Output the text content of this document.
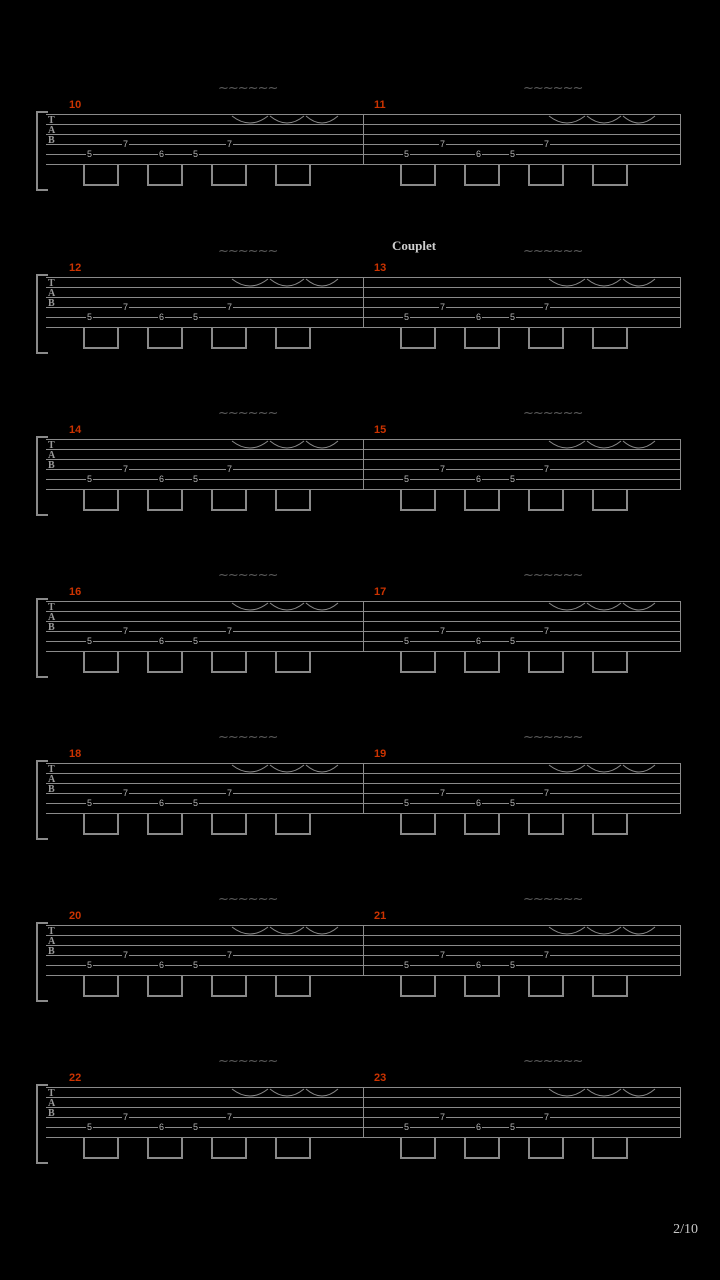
~~~~~~	~~~~~~
10	11
T
A
B
5
7
6	5
7
5
7
6	5
7
~~~~~~	~~~~~~
Couplet
12	13
T
A
B
5
7
6	5
7
5
7
6	5
7
~~~~~~	~~~~~~
14	15
T
A
B
5
7
6	5
7
5
7
6	5
7
~~~~~~	~~~~~~
16	17
T
A
B
5
7
6	5
7
5
7
6	5
7
~~~~~~	~~~~~~
18	19
T
A
B
5
7
6	5
7
5
7
6	5
7
~~~~~~	~~~~~~
20	21
T
A
B
5
7
6	5
7
5
7
6	5
7
~~~~~~	~~~~~~
22	23
T
A
B
5
7
6	5
7
5
7
6	5
7
2/10
